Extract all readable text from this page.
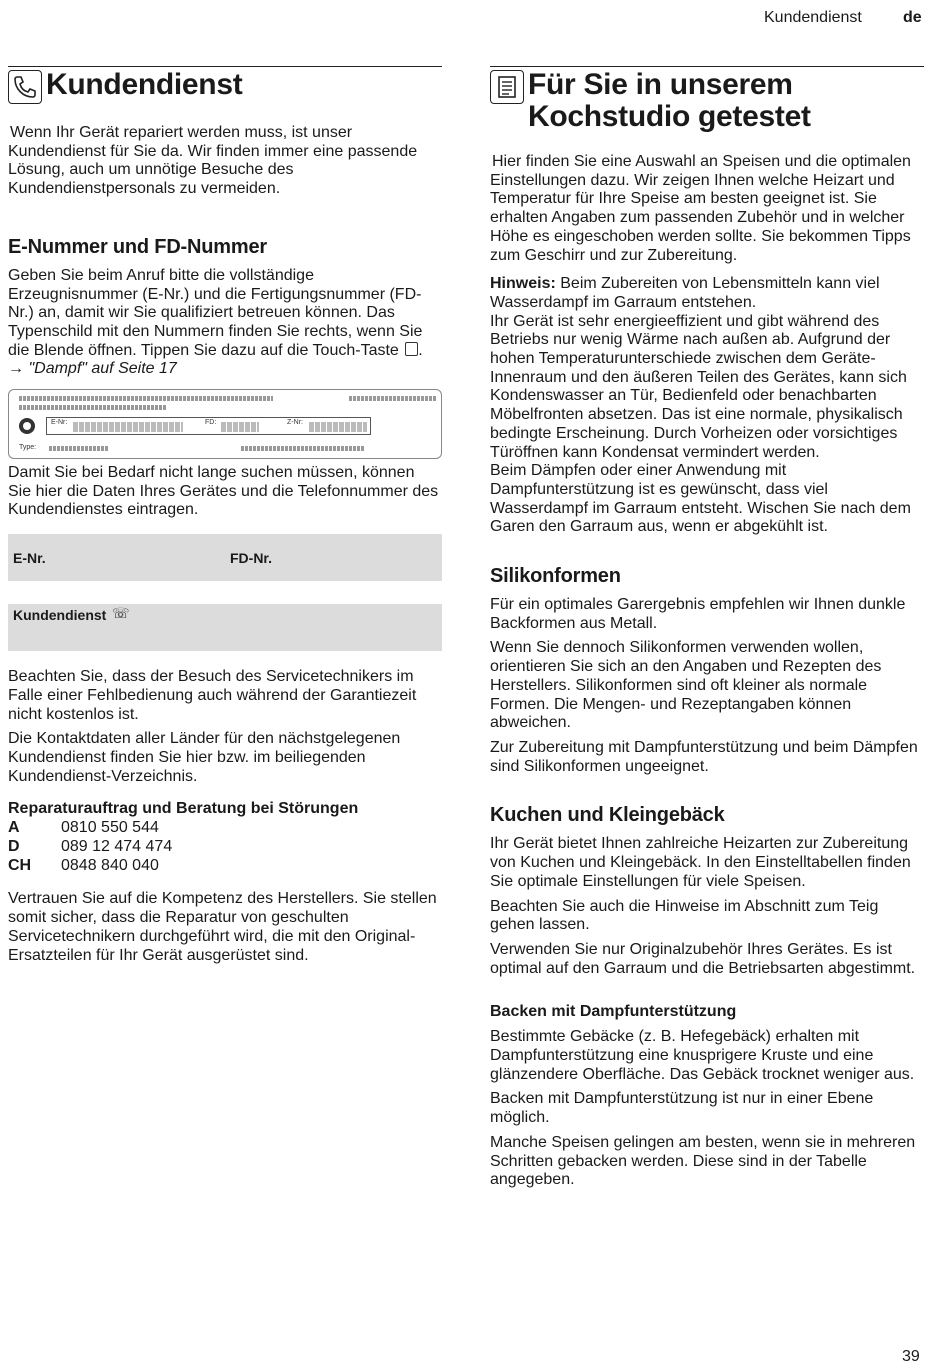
Kundendienst	de
Kundendienst

Wenn Ihr Gerät repariert werden muss, ist unser Kundendienst für Sie da. Wir finden immer eine passende Lösung, auch um unnötige Besuche des Kundendienstpersonals zu vermeiden.

E-Nummer und FD-Nummer

Geben Sie beim Anruf bitte die vollständige Erzeugnisnummer (E-Nr.) und die Fertigungsnummer (FD-Nr.) an, damit wir Sie qualifiziert betreuen können. Das Typenschild mit den Nummern finden Sie rechts, wenn Sie die Blende öffnen. Tippen Sie dazu auf die Touch-Taste . → "Dampf" auf Seite 17

E-Nr:	FD:	Z-Nr:
Type:

Damit Sie bei Bedarf nicht lange suchen müssen, können Sie hier die Daten Ihres Gerätes und die Telefonnummer des Kundendienstes eintragen.

E-Nr.	FD-Nr.
Kundendienst ☏

Beachten Sie, dass der Besuch des Servicetechnikers im Falle einer Fehlbedienung auch während der Garantiezeit nicht kostenlos ist.

Die Kontaktdaten aller Länder für den nächstgelegenen Kundendienst finden Sie hier bzw. im beiliegenden Kundendienst-Verzeichnis.

Reparaturauftrag und Beratung bei Störungen
A	0810 550 544
D	089 12 474 474
CH	0848 840 040

Vertrauen Sie auf die Kompetenz des Herstellers. Sie stellen somit sicher, dass die Reparatur von geschulten Servicetechnikern durchgeführt wird, die mit den Original-Ersatzteilen für Ihr Gerät ausgerüstet sind.

Für Sie in unserem Kochstudio getestet

Hier finden Sie eine Auswahl an Speisen und die optimalen Einstellungen dazu. Wir zeigen Ihnen welche Heizart und Temperatur für Ihre Speise am besten geeignet ist. Sie erhalten Angaben zum passenden Zubehör und in welcher Höhe es eingeschoben werden sollte. Sie bekommen Tipps zum Geschirr und zur Zubereitung.

Hinweis: Beim Zubereiten von Lebensmitteln kann viel Wasserdampf im Garraum entstehen.

Ihr Gerät ist sehr energieeffizient und gibt während des Betriebs nur wenig Wärme nach außen ab. Aufgrund der hohen Temperaturunterschiede zwischen dem Geräte-Innenraum und den äußeren Teilen des Gerätes, kann sich Kondenswasser an Tür, Bedienfeld oder benachbarten Möbelfronten absetzen. Das ist eine normale, physikalisch bedingte Erscheinung. Durch Vorheizen oder vorsichtiges Türöffnen kann Kondensat vermindert werden.

Beim Dämpfen oder einer Anwendung mit Dampfunterstützung ist es gewünscht, dass viel Wasserdampf im Garraum entsteht. Wischen Sie nach dem Garen den Garraum aus, wenn er abgekühlt ist.

Silikonformen

Für ein optimales Garergebnis empfehlen wir Ihnen dunkle Backformen aus Metall.

Wenn Sie dennoch Silikonformen verwenden wollen, orientieren Sie sich an den Angaben und Rezepten des Herstellers. Silikonformen sind oft kleiner als normale Formen. Die Mengen- und Rezeptangaben können abweichen.

Zur Zubereitung mit Dampfunterstützung und beim Dämpfen sind Silikonformen ungeeignet.

Kuchen und Kleingebäck

Ihr Gerät bietet Ihnen zahlreiche Heizarten zur Zubereitung von Kuchen und Kleingebäck. In den Einstelltabellen finden Sie optimale Einstellungen für viele Speisen.

Beachten Sie auch die Hinweise im Abschnitt zum Teig gehen lassen.

Verwenden Sie nur Originalzubehör Ihres Gerätes. Es ist optimal auf den Garraum und die Betriebsarten abgestimmt.

Backen mit Dampfunterstützung

Bestimmte Gebäcke (z. B. Hefegebäck) erhalten mit Dampfunterstützung eine knusprigere Kruste und eine glänzendere Oberfläche. Das Gebäck trocknet weniger aus.

Backen mit Dampfunterstützung ist nur in einer Ebene möglich.

Manche Speisen gelingen am besten, wenn sie in mehreren Schritten gebacken werden. Diese sind in der Tabelle angegeben.

39
